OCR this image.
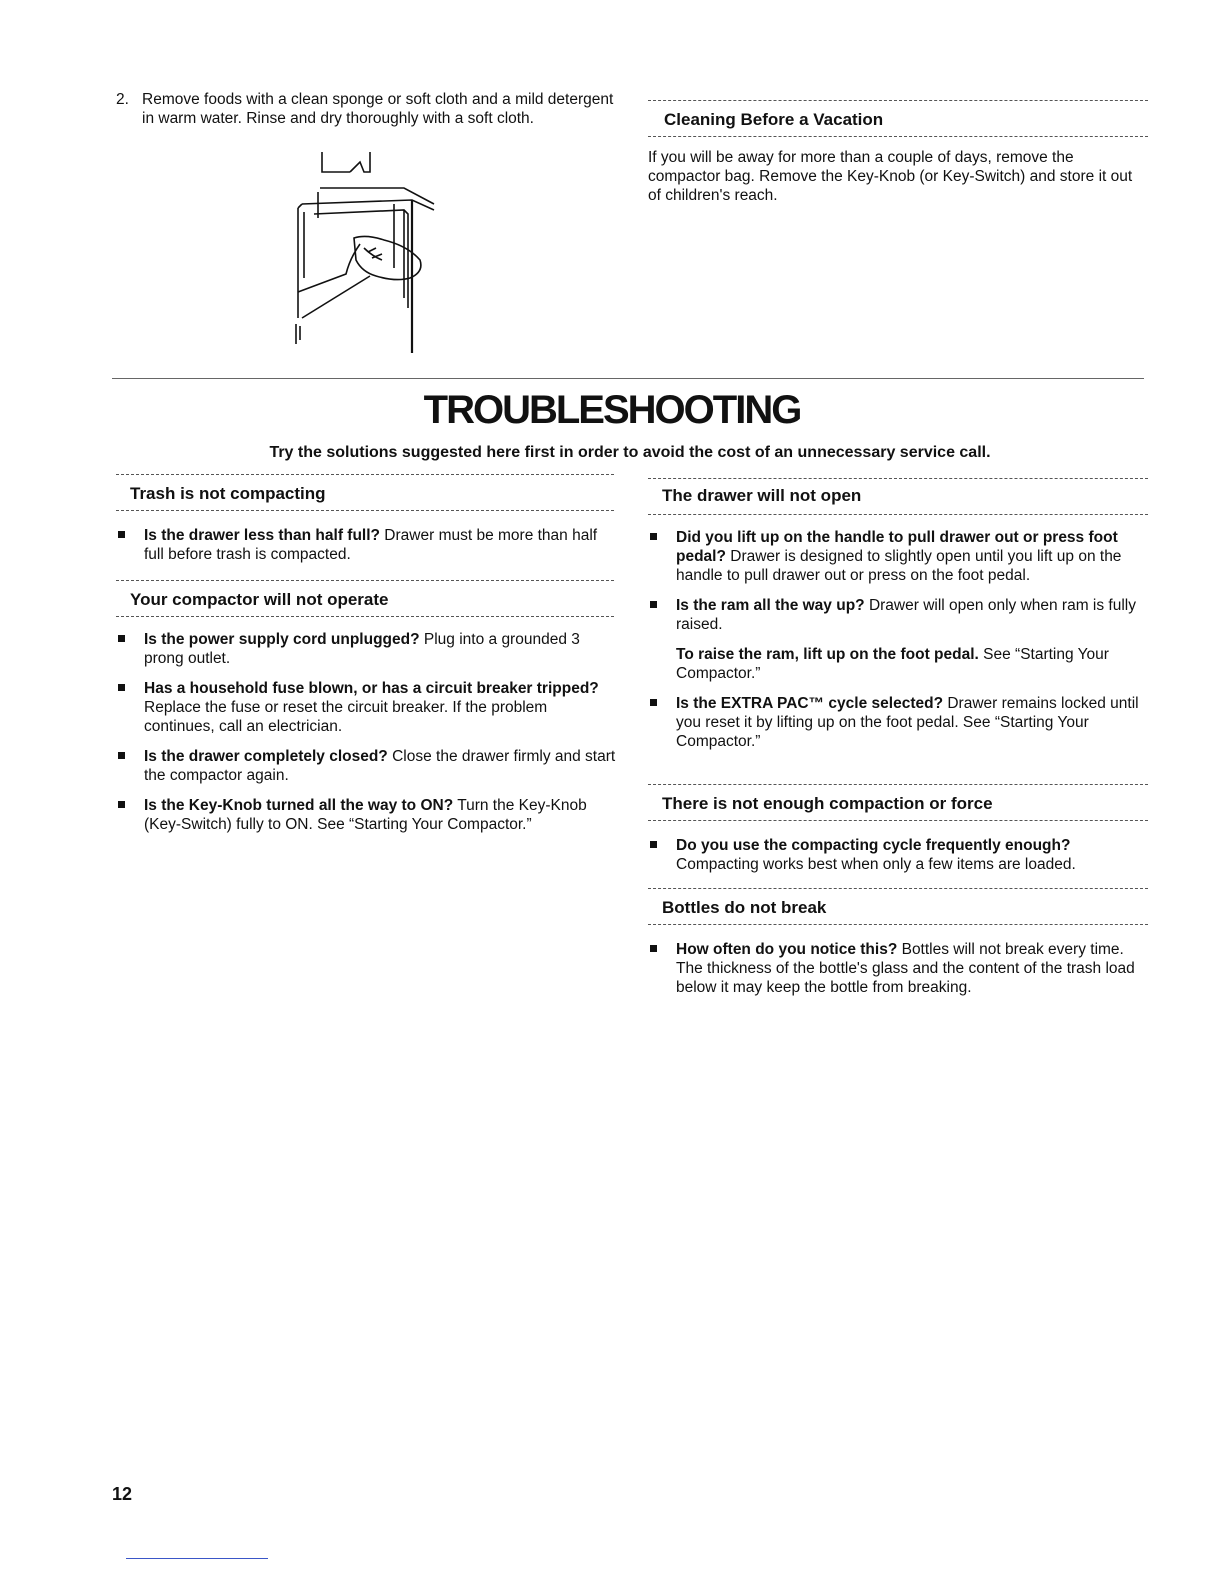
2. Remove foods with a clean sponge or soft cloth and a mild detergent in warm water. Rinse and dry thoroughly with a soft cloth.	Cleaning Before a Vacation

If you will be away for more than a couple of days, remove the compactor bag. Remove the Key-Knob (or Key-Switch) and store it out of children's reach.

TROUBLESHOOTING

Try the solutions suggested here first in order to avoid the cost of an unnecessary service call.

Trash is not compacting

Is the drawer less than half full? Drawer must be more than half full before trash is compacted.

Your compactor will not operate

Is the power supply cord unplugged? Plug into a grounded 3 prong outlet.

Has a household fuse blown, or has a circuit breaker tripped? Replace the fuse or reset the circuit breaker. If the problem continues, call an electrician.

Is the drawer completely closed? Close the drawer firmly and start the compactor again.

Is the Key-Knob turned all the way to ON? Turn the Key-Knob (Key-Switch) fully to ON. See “Starting Your Compactor.”

The drawer will not open

Did you lift up on the handle to pull drawer out or press foot pedal? Drawer is designed to slightly open until you lift up on the handle to pull drawer out or press on the foot pedal.

Is the ram all the way up? Drawer will open only when ram is fully raised.

To raise the ram, lift up on the foot pedal. See “Starting Your Compactor.”

Is the EXTRA PAC™ cycle selected? Drawer remains locked until you reset it by lifting up on the foot pedal. See “Starting Your Compactor.”

There is not enough compaction or force

Do you use the compacting cycle frequently enough? Compacting works best when only a few items are loaded.

Bottles do not break

How often do you notice this? Bottles will not break every time. The thickness of the bottle's glass and the content of the trash load below it may keep the bottle from breaking.

12
